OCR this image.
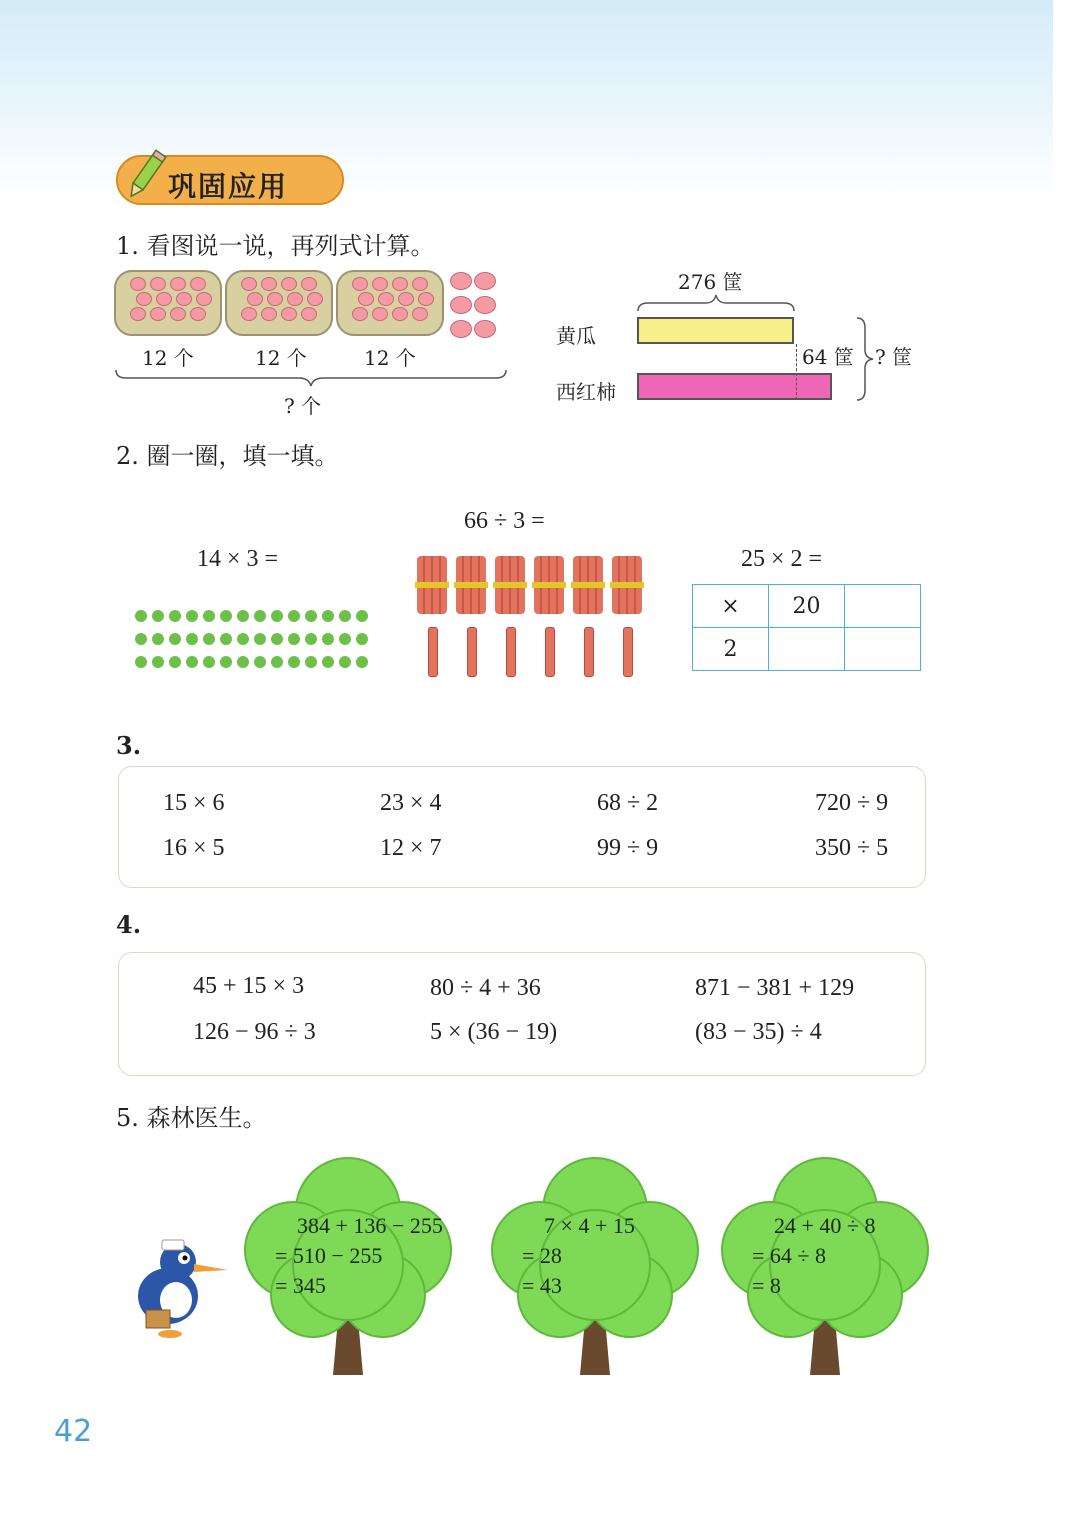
巩固应用
1. 看图说一说，再列式计算。
12 个	12 个	12 个
? 个
276 筐
黄瓜
西红柿
64 筐 ? 筐
2. 圈一圈，填一填。
14 × 3 =
66 ÷ 3 =
25 × 2 =
×	20	
2		
3.
15 × 6	23 × 4	68 ÷ 2	720 ÷ 9
16 × 5	12 × 7	99 ÷ 9	350 ÷ 5
4.
45 + 15 × 3	80 ÷ 4 + 36	871 − 381 + 129
126 − 96 ÷ 3	5 × (36 − 19)	(83 − 35) ÷ 4
5. 森林医生。
384 + 136 − 255
= 510 − 255
= 345
7 × 4 + 15
= 28
= 43
24 + 40 ÷ 8
= 64 ÷ 8
= 8
42
